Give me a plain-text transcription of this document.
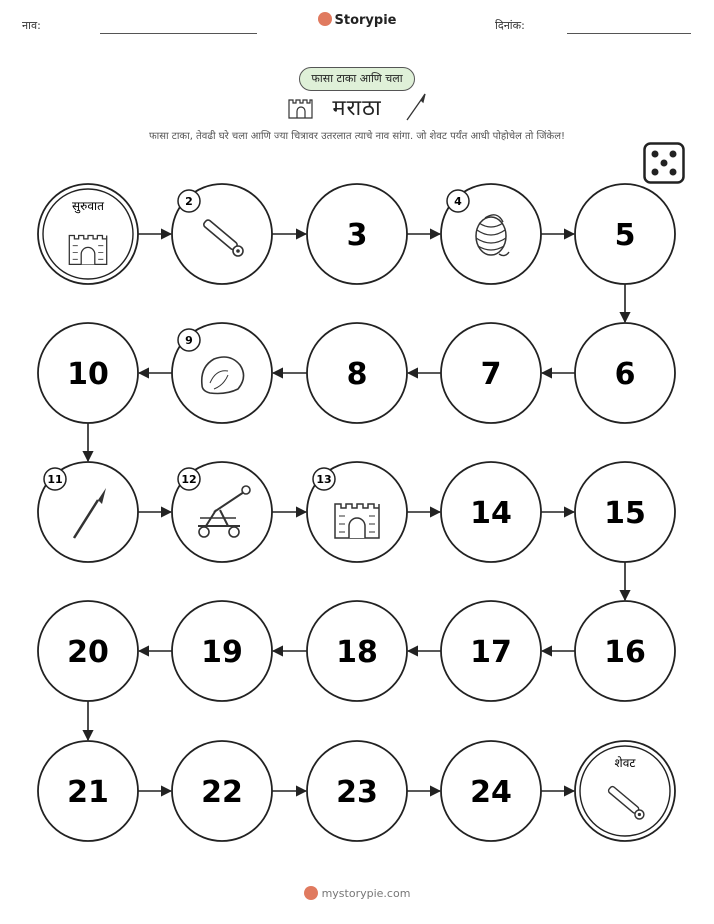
नाव:	Storypie	दिनांक:
फासा टाका आणि चला
मराठा
फासा टाका, तेवढी घरे चला आणि ज्या चित्रावर उतरलात त्याचे नाव सांगा. जो शेवट पर्यंत आधी पोहोचेल तो जिंकेल!
सुरुवात	2
3
4
5
6
7
8
9
10
11	12	13
14	15
16
17
18
19
20
21	22	23	24
शेवट
mystorypie.com
